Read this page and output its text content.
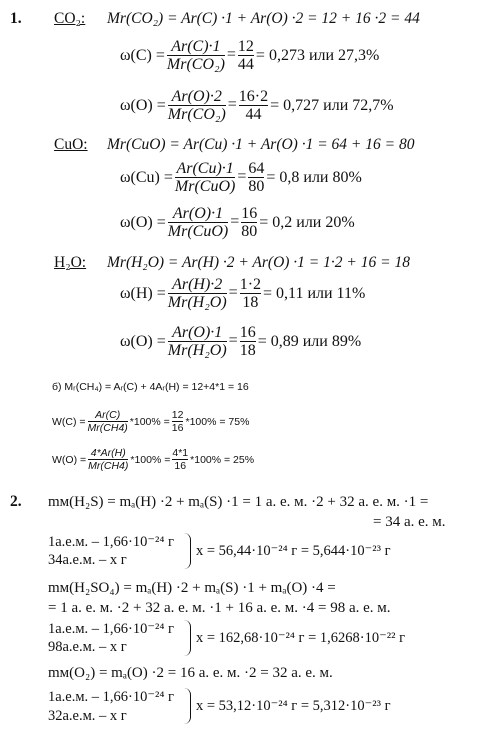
1. CO₂: Mr(CO₂) = Ar(C) ·1 + Ar(O) ·2 = 12 + 16 ·2 = 44
$\omega(C) = \frac{Ar(C)\cdot 1}{\text{Mr(CO₂)}} = \frac{12}{44} = 0,273$ или 27,3%
$\omega(O) = \frac{Ar(O)\cdot 2}{\text{Mr(CO₂)}} = \frac{16\cdot 2}{44} = 0,727$ или 72,7%
CuO: Mr(CuO) = Ar(Cu) ·1 + Ar(O) ·1 = 64 + 16 = 80
$\omega(Cu) = \frac{Ar(Cu)\cdot 1}{\text{Mr(CuO)}} = \frac{64}{80} = 0,8$ или 80%
$\omega(O) = \frac{Ar(O)\cdot 1}{\text{Mr(CuO)}} = \frac{16}{80} = 0,2$ или 20%
H₂O: Mr(H₂O) = Ar(H) ·2 + Ar(O) ·1 = 1·2 + 16 = 18
$\omega(H) = \frac{Ar(H)\cdot 2}{\text{Mr(H₂O)}} = \frac{1\cdot 2}{18} = 0,11$ или 11%
$\omega(O) = \frac{Ar(O)\cdot 1}{\text{Mr(H₂O)}} = \frac{16}{18} = 0,89$ или 89%
б) Mᵣ(CH₄) = Aᵣ(C) + 4Aᵣ(H) = 12+4*1 = 16
$W(C) = \frac{Ar(C)}{Mr(CH4)} *100\% = \frac{12}{16} *100\% = 75\%$
$W(O) = \frac{4*Ar(H)}{Mr(CH4)} *100\% = \frac{4*1}{16} *100\% = 25\%$
2. mм(H₂S) = mₐ(H) ·2 + mₐ(S) ·1 = 1 а. е. м. ·2 + 32 а. е. м. ·1 =
= 34 а. е. м.
1а.е.м. – 1,66·10⁻²⁴ г
34а.е.м. – x г
x = 56,44·10⁻²⁴ г = 5,644·10⁻²³ г
mм(H₂SO₄) = mₐ(H) ·2 + mₐ(S) ·1 + mₐ(O) ·4 =
= 1 а. е. м. ·2 + 32 а. е. м. ·1 + 16 а. е. м. ·4 = 98 а. е. м.
1а.е.м. – 1,66·10⁻²⁴ г
98а.е.м. – x г
x = 162,68·10⁻²⁴ г = 1,6268·10⁻²² г
mм(O₂) = mₐ(O) ·2 = 16 а. е. м. ·2 = 32 а. е. м.
1а.е.м. – 1,66·10⁻²⁴ г
32а.е.м. – x г
x = 53,12·10⁻²⁴ г = 5,312·10⁻²³ г
